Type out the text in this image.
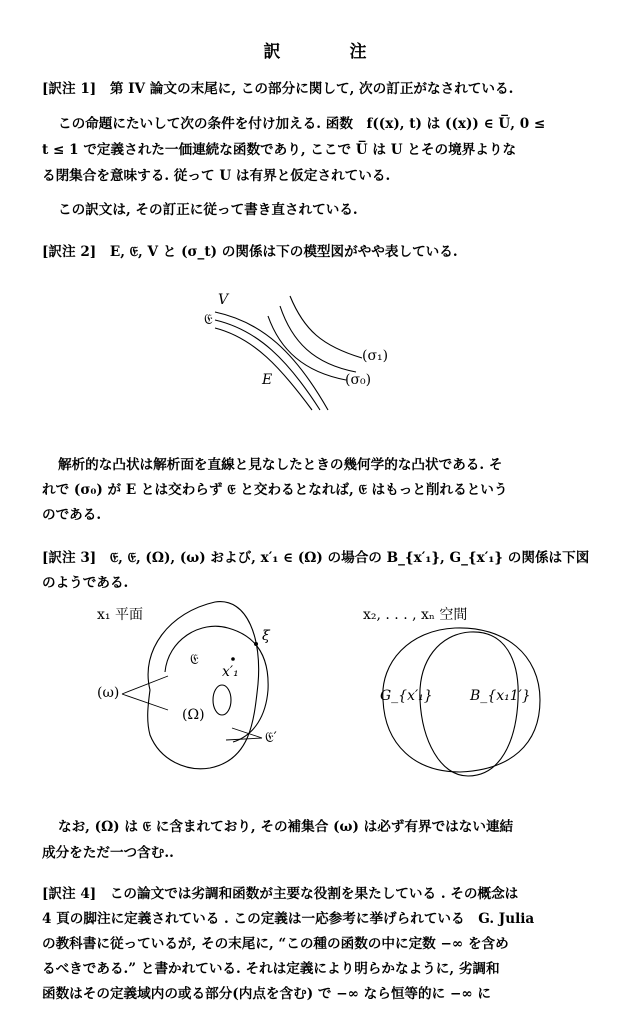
訳　注

[訳注 1]　第 IV 論文の末尾に, この部分に関して, 次の訂正がなされている.

この命題にたいして次の条件を付け加える. 函数　f((x), t) は ((x)) ∈ U̅, 0 ≤

t ≤ 1 で定義された一価連続な函数であり, ここで U̅ は U とその境界よりな

る閉集合を意味する. 従って U は有界と仮定されている.

この訳文は, その訂正に従って書き直されている.

[訳注 2]　E, 𝔈, V と (σ_t) の関係は下の模型図がやや表している.

V
𝔈
(σ₁)
(σ₀)
E

解析的な凸状は解析面を直線と見なしたときの幾何学的な凸状である. そ

れで (σ₀) が E とは交わらず 𝔈 と交わるとなれば, 𝔈 はもっと削れるという

のである.

[訳注 3]　𝔈, 𝔈, (Ω), (ω) および, x′₁ ∈ (Ω) の場合の B_{x′₁}, G_{x′₁} の関係は下図

のようである.

x₁ 平面	x₂, . . . , xₙ 空間
ξ
𝔈
x′₁
(ω)
(Ω)
𝔈′
G_{x′₁}	B_{x₁1′}

なお, (Ω) は 𝔈 に含まれており, その補集合 (ω) は必ず有界ではない連結

成分をただ一つ含む..

[訳注 4]　この論文では劣調和函数が主要な役割を果たしている . その概念は

4 頁の脚注に定義されている . この定義は一応参考に挙げられている　G. Julia

の教科書に従っているが, その末尾に, “この種の函数の中に定数 −∞ を含め

るべきである.” と書かれている. それは定義により明らかなように, 劣調和

函数はその定義域内の或る部分(内点を含む) で −∞ なら恒等的に −∞ に
